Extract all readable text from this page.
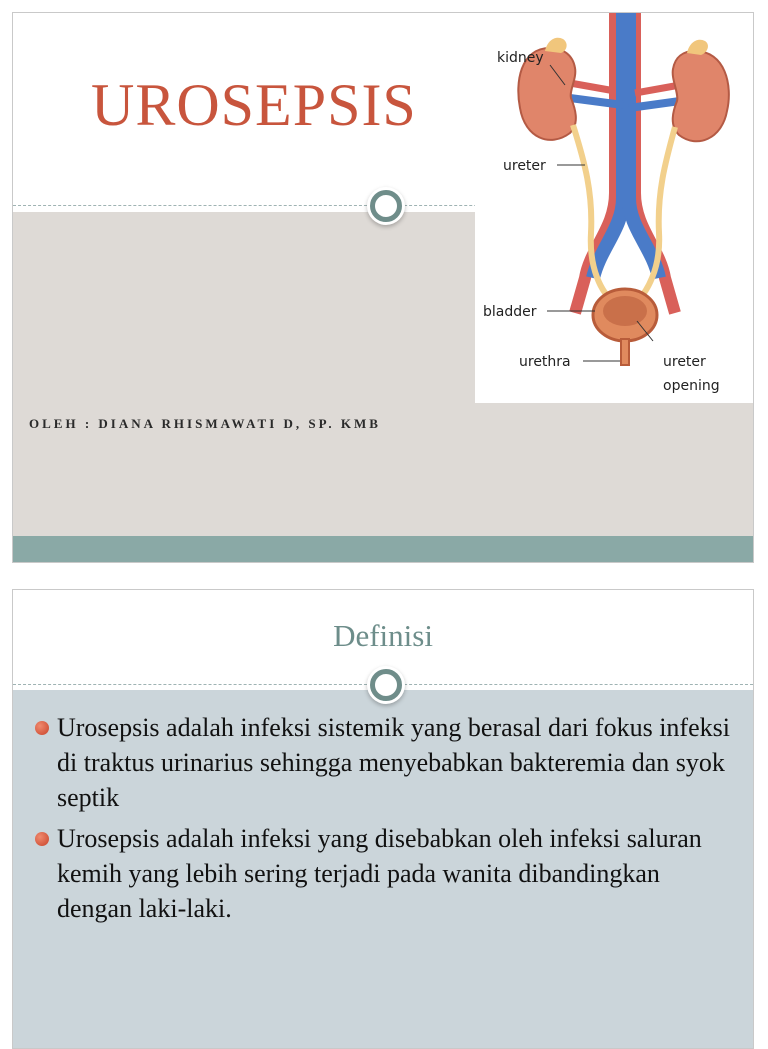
UROSEPSIS
OLEH : DIANA RHISMAWATI D, SP. KMB
kidney
ureter
bladder
urethra	ureter
opening
Definisi
Urosepsis adalah infeksi sistemik yang berasal dari fokus infeksi di traktus urinarius sehingga menyebabkan bakteremia dan syok septik
Urosepsis adalah infeksi yang disebabkan oleh infeksi saluran kemih yang lebih sering terjadi pada wanita dibandingkan dengan laki-laki.
